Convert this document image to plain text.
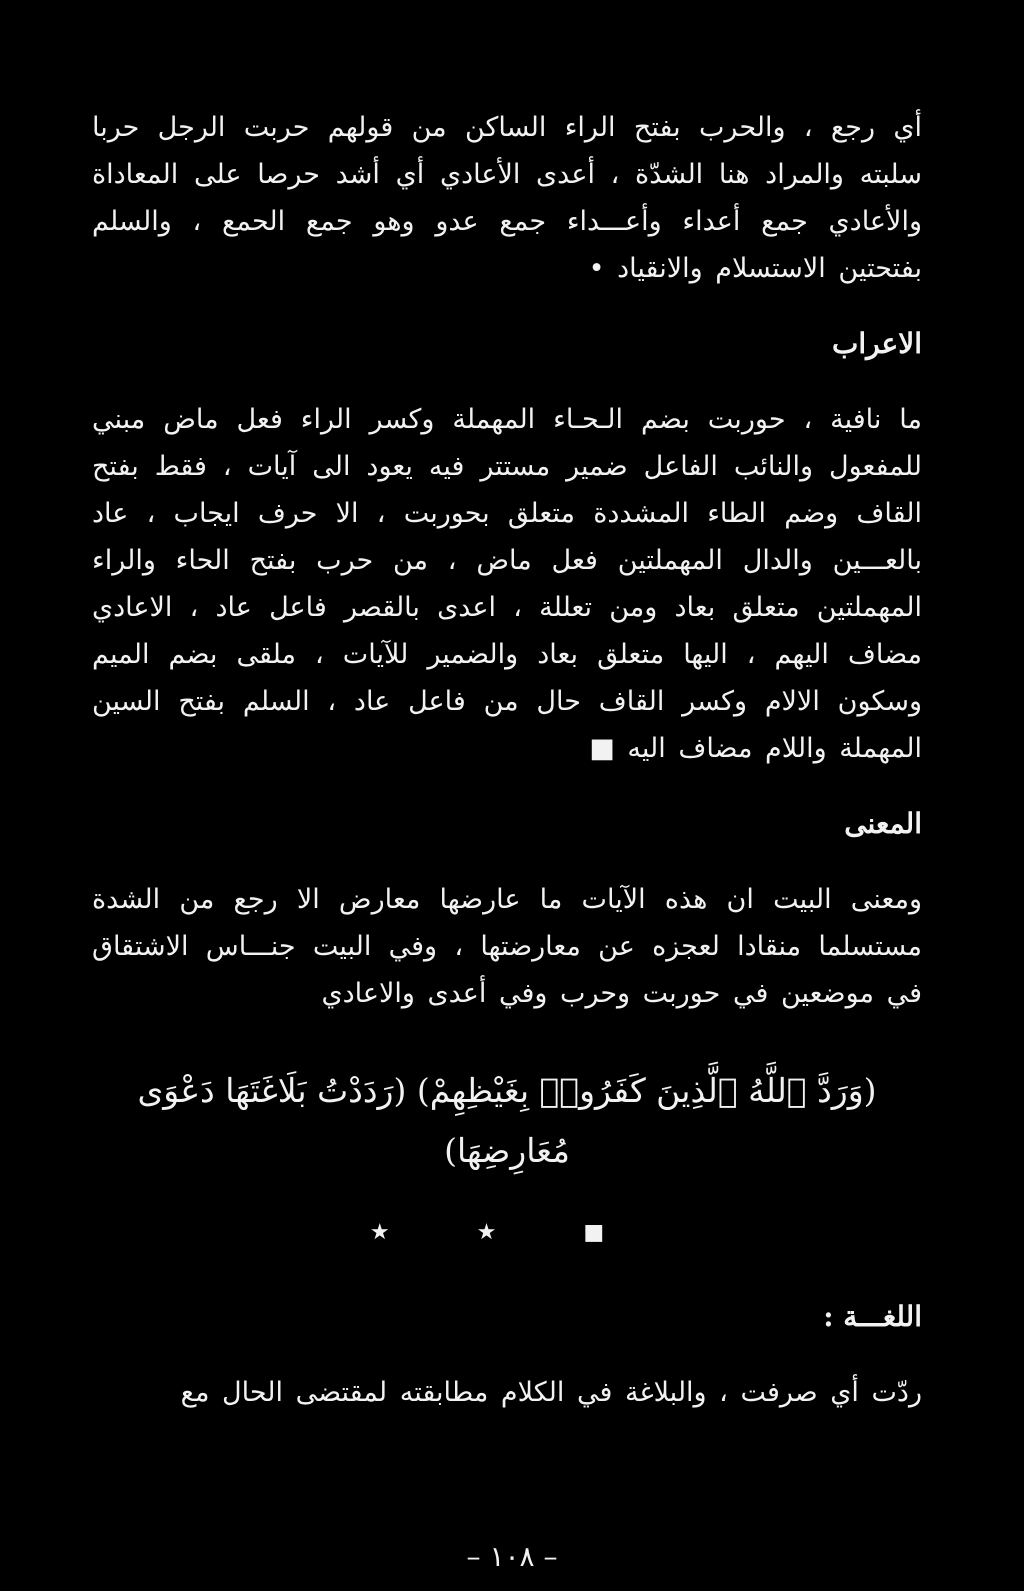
أي رجع ، والحرب بفتح الراء الساكن من قولهم حربت الرجل حربا سلبته والمراد هنا الشدّة ، أعدى الأعادي أي أشد حرصا على المعاداة والأعادي جمع أعداء وأعـــداء جمع عدو وهو جمع الحمع ، والسلم بفتحتين الاستسلام والانقياد •

الاعراب

ما نافية ، حوربت بضم الـحـاء المهملة وكسر الراء فعل ماض مبني للمفعول والنائب الفاعل ضمير مستتر فيه يعود الى آيات ، فقط بفتح القاف وضم الطاء المشددة متعلق بحوربت ، الا حرف ايجاب ، عاد بالعـــين والدال المهملتين فعل ماض ، من حرب بفتح الحاء والراء المهملتين متعلق بعاد ومن تعللة ، اعدى بالقصر فاعل عاد ، الاعادي مضاف اليهم ، اليها متعلق بعاد والضمير للآيات ، ملقى بضم الميم وسكون الالام وكسر القاف حال من فاعل عاد ، السلم بفتح السين المهملة واللام مضاف اليه ■

المعنى

ومعنى البيت ان هذه الآيات ما عارضها معارض الا رجع من الشدة مستسلما منقادا لعجزه عن معارضتها ، وفي البيت جنـــاس الاشتقاق في موضعين في حوربت وحرب وفي أعدى والاعادي

(وَرَدَّ ٱللَّهُ ٱلَّذِينَ كَفَرُوا۟ بِغَيْظِهِمْ) (رَدَدْتُ بَلَاغَتَهَا دَعْوَى مُعَارِضِهَا)

★ ★ ■

اللغـــة :

ردّت أي صرفت ، والبلاغة في الكلام مطابقته لمقتضى الحال مع

– ١٠٨ –
